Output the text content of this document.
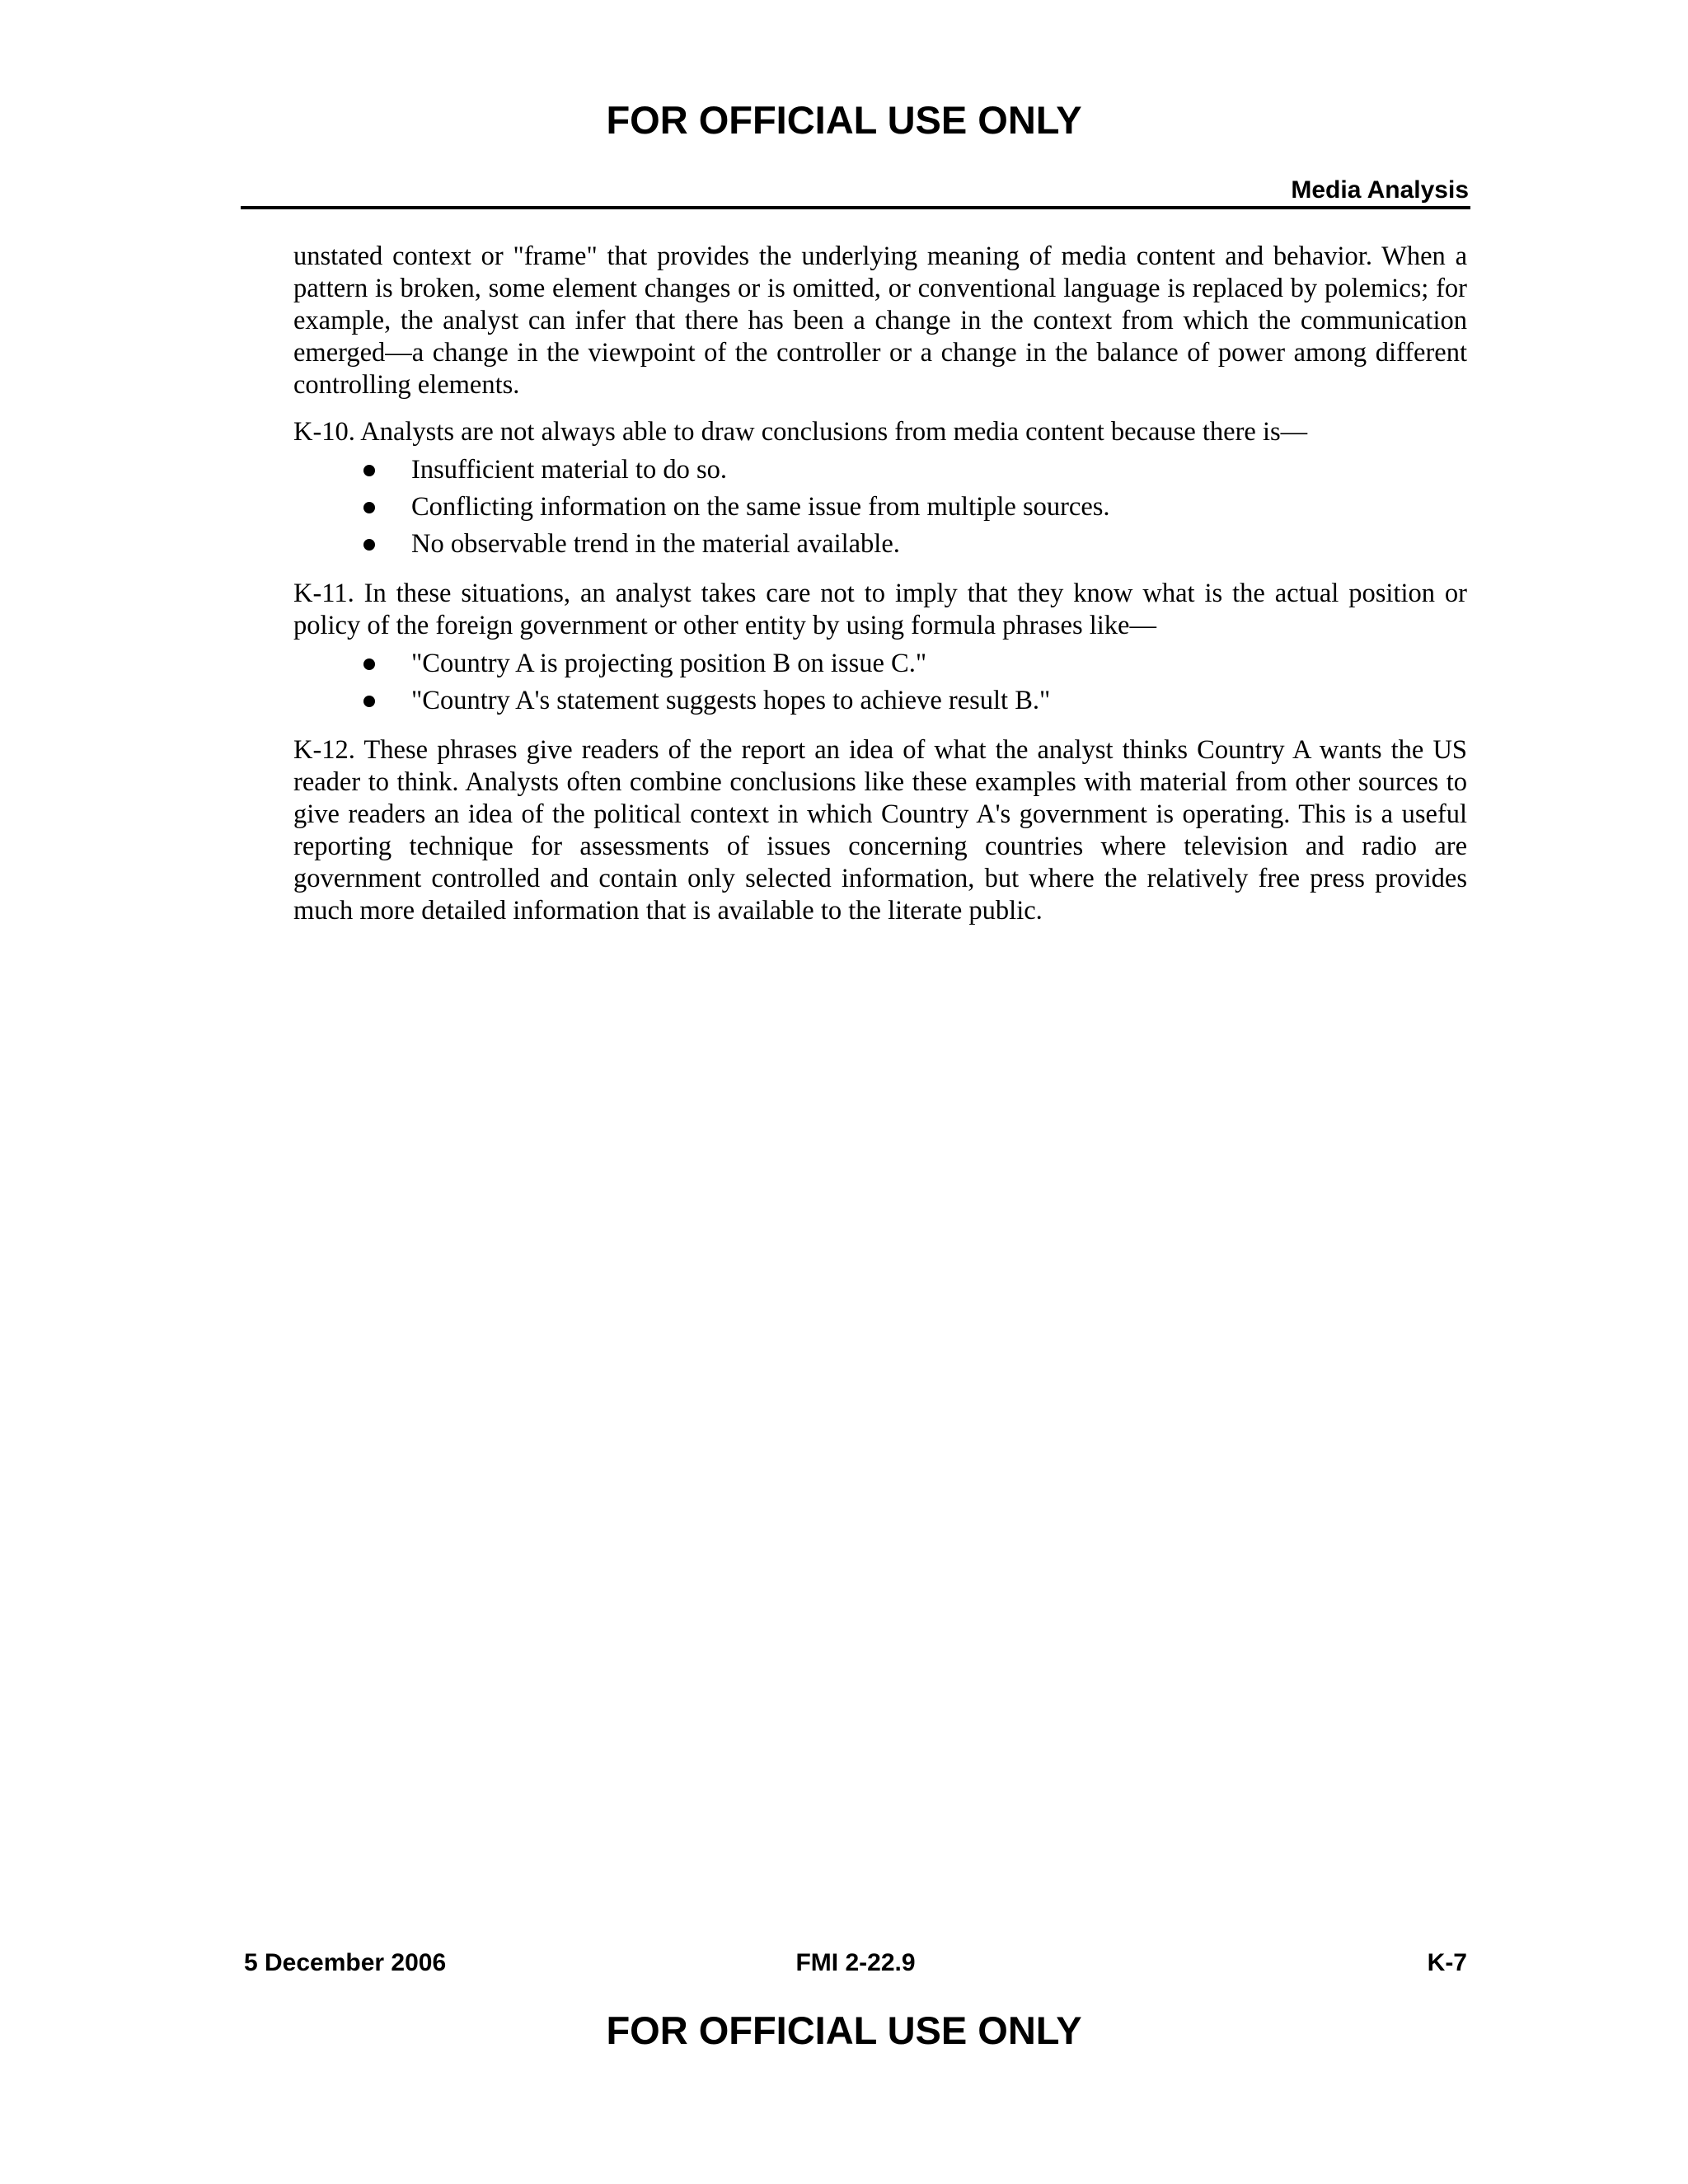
FOR OFFICIAL USE ONLY
Media Analysis

unstated context or "frame" that provides the underlying meaning of media content and behavior. When a pattern is broken, some element changes or is omitted, or conventional language is replaced by polemics; for example, the analyst can infer that there has been a change in the context from which the communication emerged—a change in the viewpoint of the controller or a change in the balance of power among different controlling elements.

K-10. Analysts are not always able to draw conclusions from media content because there is—

Insufficient material to do so.
Conflicting information on the same issue from multiple sources.
No observable trend in the material available.

K-11. In these situations, an analyst takes care not to imply that they know what is the actual position or policy of the foreign government or other entity by using formula phrases like—

"Country A is projecting position B on issue C."
"Country A's statement suggests hopes to achieve result B."

K-12. These phrases give readers of the report an idea of what the analyst thinks Country A wants the US reader to think. Analysts often combine conclusions like these examples with material from other sources to give readers an idea of the political context in which Country A's government is operating. This is a useful reporting technique for assessments of issues concerning countries where television and radio are government controlled and contain only selected information, but where the relatively free press provides much more detailed information that is available to the literate public.

5 December 2006	FMI 2-22.9	K-7
FOR OFFICIAL USE ONLY
